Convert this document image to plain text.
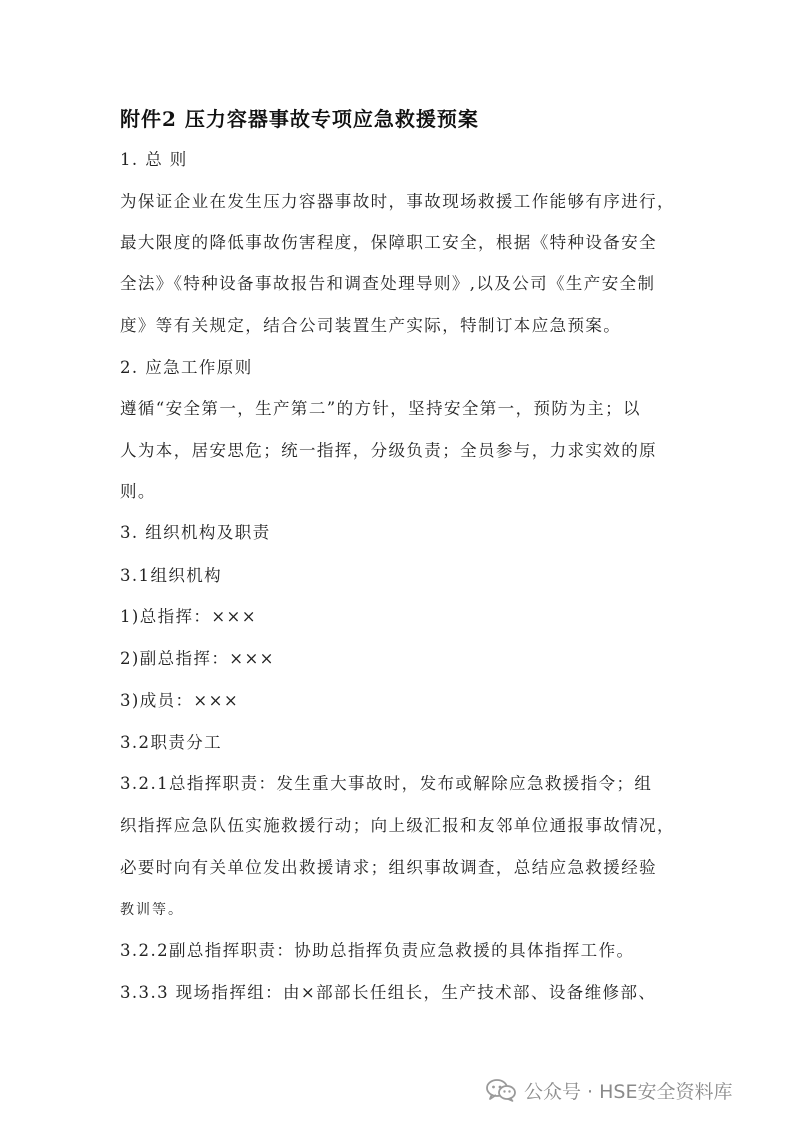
附件2 压力容器事故专项应急救援预案
1. 总 则
为保证企业在发生压力容器事故时，事故现场救援工作能够有序进行，
最大限度的降低事故伤害程度，保障职工安全，根据《特种设备安全
全法》《特种设备事故报告和调查处理导则》,以及公司《生产安全制
度》等有关规定，结合公司装置生产实际，特制订本应急预案。
2. 应急工作原则
遵循“安全第一，生产第二”的方针，坚持安全第一，预防为主；以
人为本，居安思危；统一指挥，分级负责；全员参与，力求实效的原
则。
3. 组织机构及职责
3.1组织机构
1)总指挥：×××
2)副总指挥：×××
3)成员：×××
3.2职责分工
3.2.1总指挥职责：发生重大事故时，发布或解除应急救援指令；组
织指挥应急队伍实施救援行动；向上级汇报和友邻单位通报事故情况，
必要时向有关单位发出救援请求；组织事故调查，总结应急救援经验
教训等。
3.2.2副总指挥职责：协助总指挥负责应急救援的具体指挥工作。
3.3.3 现场指挥组：由×部部长任组长，生产技术部、设备维修部、
公众号 · HSE安全资料库
